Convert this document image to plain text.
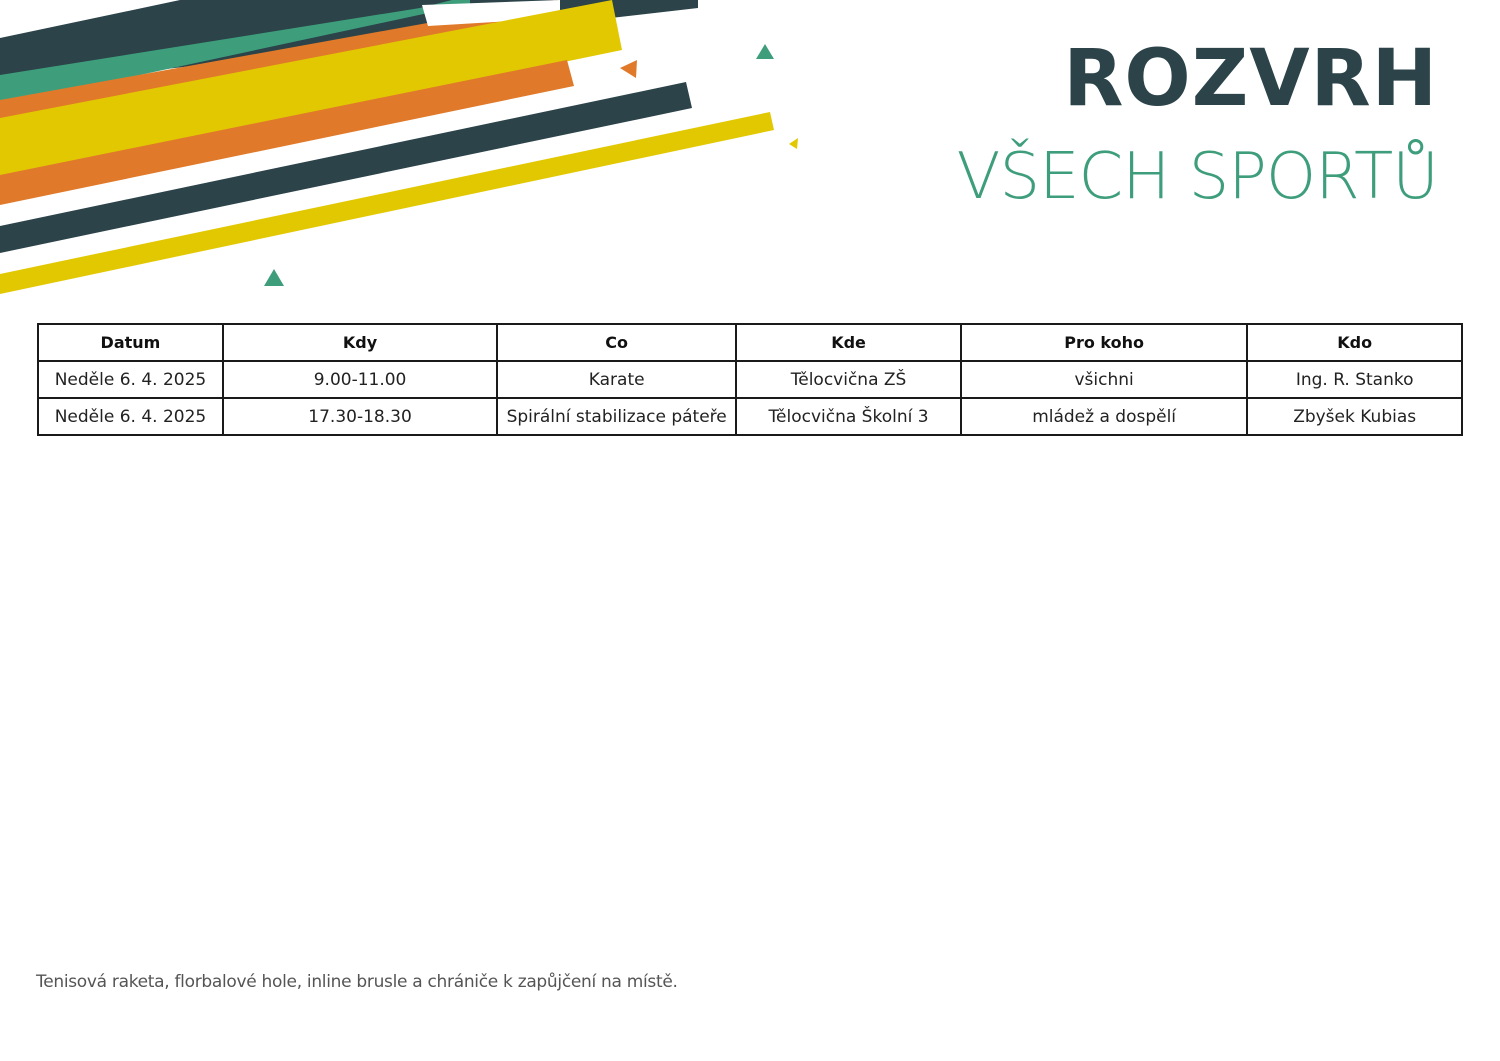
ROZVRH
VŠECH SPORTŮ
Datum	Kdy	Co	Kde	Pro koho	Kdo
Neděle 6. 4. 2025	9.00-11.00	Karate	Tělocvična ZŠ	všichni	Ing. R. Stanko
Neděle 6. 4. 2025	17.30-18.30	Spirální stabilizace páteře	Tělocvična Školní 3	mládež a dospělí	Zbyšek Kubias
Tenisová raketa, florbalové hole, inline brusle a chrániče k zapůjčení na místě.
